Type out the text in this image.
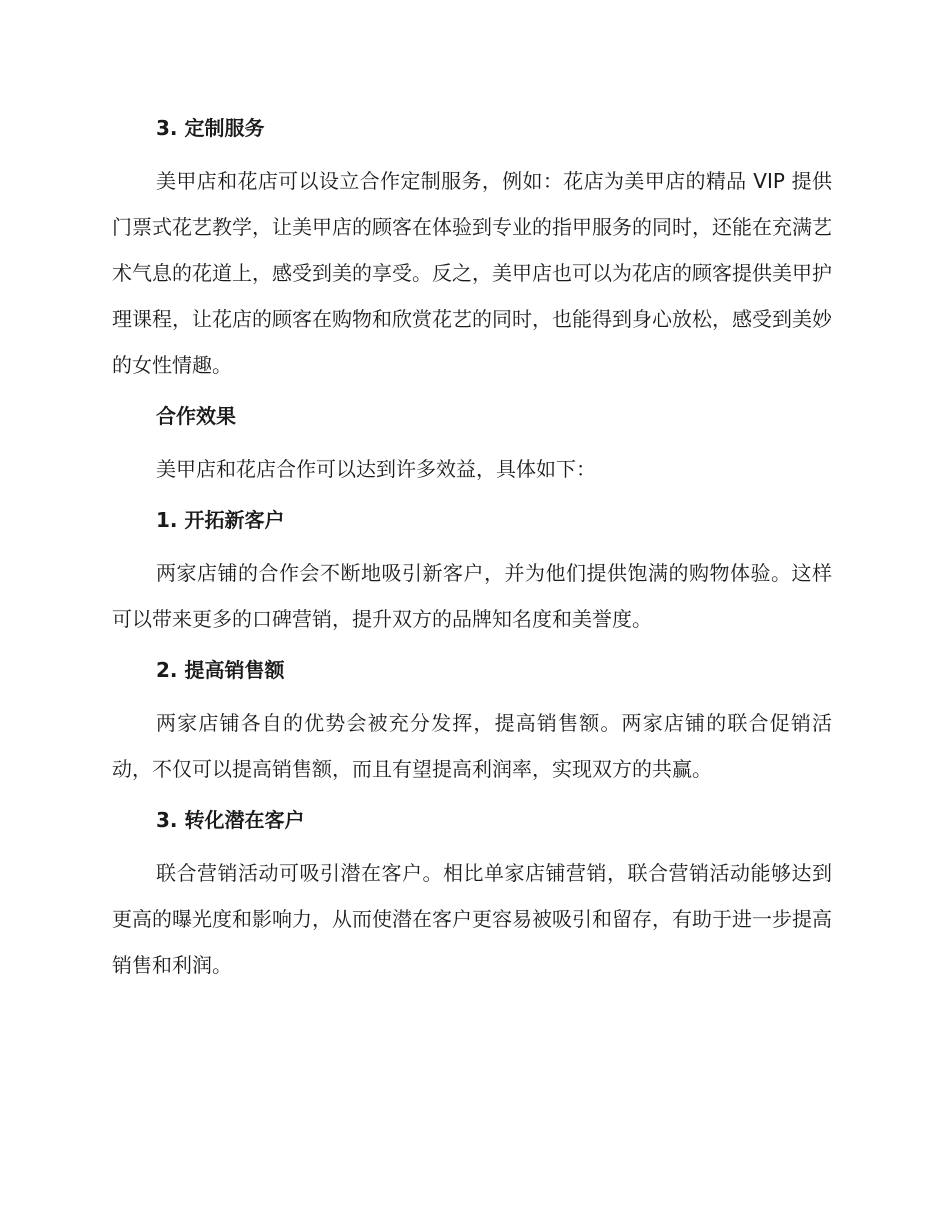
3. 定制服务

美甲店和花店可以设立合作定制服务，例如：花店为美甲店的精品 VIP 提供门票式花艺教学，让美甲店的顾客在体验到专业的指甲服务的同时，还能在充满艺术气息的花道上，感受到美的享受。反之，美甲店也可以为花店的顾客提供美甲护理课程，让花店的顾客在购物和欣赏花艺的同时，也能得到身心放松，感受到美妙的女性情趣。

合作效果

美甲店和花店合作可以达到许多效益，具体如下：

1. 开拓新客户

两家店铺的合作会不断地吸引新客户，并为他们提供饱满的购物体验。这样可以带来更多的口碑营销，提升双方的品牌知名度和美誉度。

2. 提高销售额

两家店铺各自的优势会被充分发挥，提高销售额。两家店铺的联合促销活动，不仅可以提高销售额，而且有望提高利润率，实现双方的共赢。

3. 转化潜在客户

联合营销活动可吸引潜在客户。相比单家店铺营销，联合营销活动能够达到更高的曝光度和影响力，从而使潜在客户更容易被吸引和留存，有助于进一步提高销售和利润。
